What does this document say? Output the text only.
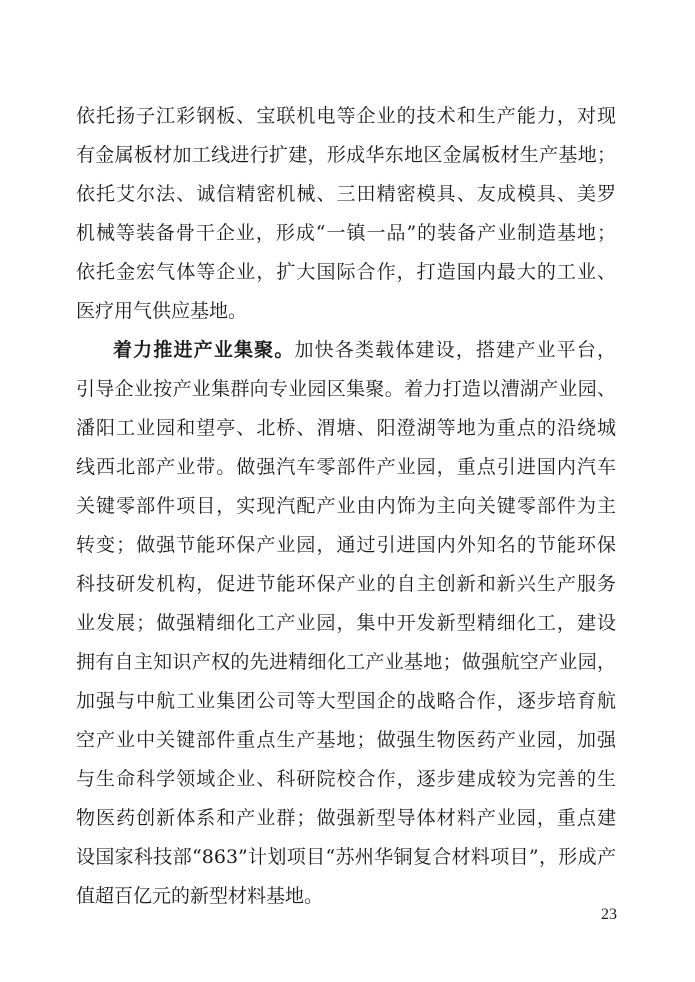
依托扬子江彩钢板、宝联机电等企业的技术和生产能力，对现
有金属板材加工线进行扩建，形成华东地区金属板材生产基地；
依托艾尔法、诚信精密机械、三田精密模具、友成模具、美罗
机械等装备骨干企业，形成“一镇一品”的装备产业制造基地；
依托金宏气体等企业，扩大国际合作，打造国内最大的工业、
医疗用气供应基地。
着力推进产业集聚。加快各类载体建设，搭建产业平台，
引导企业按产业集群向专业园区集聚。着力打造以漕湖产业园、
潘阳工业园和望亭、北桥、渭塘、阳澄湖等地为重点的沿绕城
线西北部产业带。做强汽车零部件产业园，重点引进国内汽车
关键零部件项目，实现汽配产业由内饰为主向关键零部件为主
转变；做强节能环保产业园，通过引进国内外知名的节能环保
科技研发机构，促进节能环保产业的自主创新和新兴生产服务
业发展；做强精细化工产业园，集中开发新型精细化工，建设
拥有自主知识产权的先进精细化工产业基地；做强航空产业园，
加强与中航工业集团公司等大型国企的战略合作，逐步培育航
空产业中关键部件重点生产基地；做强生物医药产业园，加强
与生命科学领域企业、科研院校合作，逐步建成较为完善的生
物医药创新体系和产业群；做强新型导体材料产业园，重点建
设国家科技部“863”计划项目“苏州华铜复合材料项目”，形成产
值超百亿元的新型材料基地。
23
